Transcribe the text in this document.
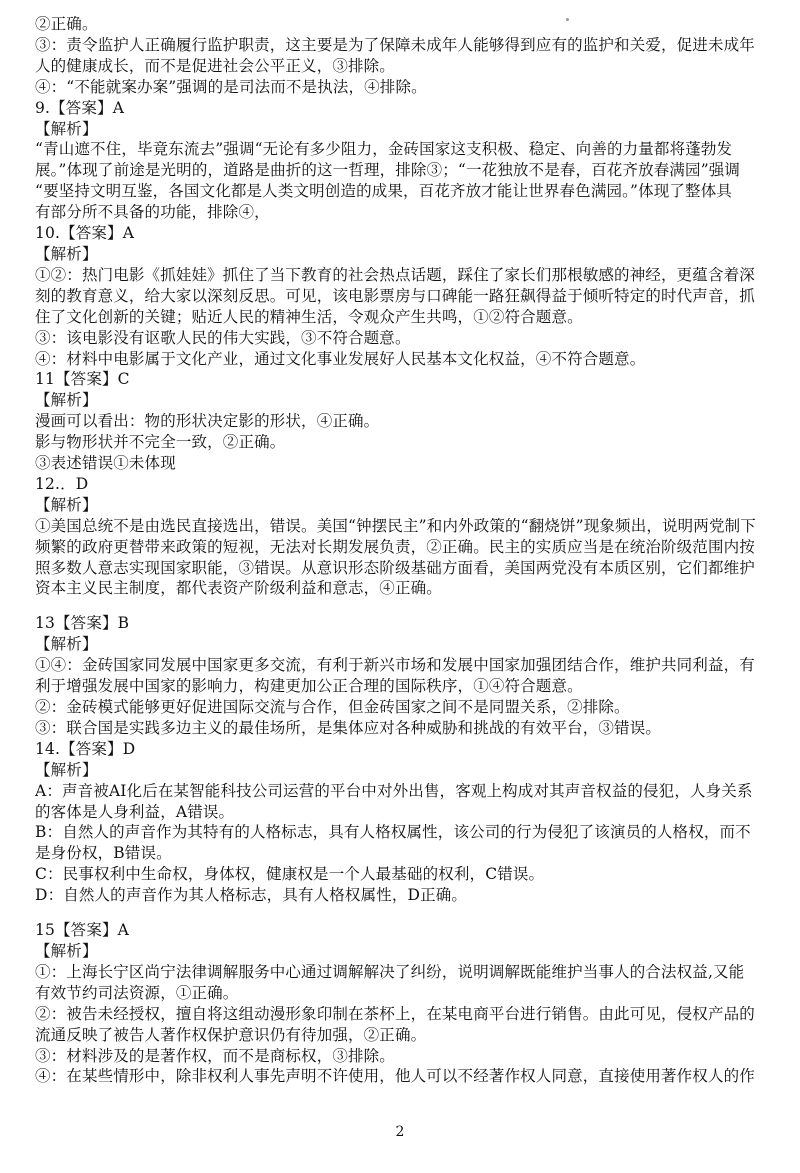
②正确。
③：责令监护人正确履行监护职责，这主要是为了保障未成年人能够得到应有的监护和关爱，促进未成年
人的健康成长，而不是促进社会公平正义，③排除。
④：“不能就案办案”强调的是司法而不是执法，④排除。
9.【答案】A
【解析】
“青山遮不住，毕竟东流去”强调“无论有多少阻力，金砖国家这支积极、稳定、向善的力量都将蓬勃发
展。”体现了前途是光明的，道路是曲折的这一哲理，排除③；“一花独放不是春，百花齐放春满园”强调
“要坚持文明互鉴，各国文化都是人类文明创造的成果，百花齐放才能让世界春色满园。”体现了整体具
有部分所不具备的功能，排除④，
10.【答案】A
【解析】
①②：热门电影《抓娃娃》抓住了当下教育的社会热点话题，踩住了家长们那根敏感的神经，更蕴含着深
刻的教育意义，给大家以深刻反思。可见，该电影票房与口碑能一路狂飙得益于倾听特定的时代声音，抓
住了文化创新的关键；贴近人民的精神生活，令观众产生共鸣，①②符合题意。
③：该电影没有讴歌人民的伟大实践，③不符合题意。
④：材料中电影属于文化产业，通过文化事业发展好人民基本文化权益，④不符合题意。
11【答案】C
【解析】
漫画可以看出：物的形状决定影的形状，④正确。
影与物形状并不完全一致，②正确。
③表述错误①未体现
12.．D
【解析】
①美国总统不是由选民直接选出，错误。美国“钟摆民主”和内外政策的“翻烧饼”现象频出，说明两党制下
频繁的政府更替带来政策的短视，无法对长期发展负责，②正确。民主的实质应当是在统治阶级范围内按
照多数人意志实现国家职能，③错误。从意识形态阶级基础方面看，美国两党没有本质区别，它们都维护
资本主义民主制度，都代表资产阶级利益和意志，④正确。
13【答案】B
【解析】
①④：金砖国家同发展中国家更多交流，有利于新兴市场和发展中国家加强团结合作，维护共同利益，有
利于增强发展中国家的影响力，构建更加公正合理的国际秩序，①④符合题意。
②：金砖模式能够更好促进国际交流与合作，但金砖国家之间不是同盟关系，②排除。
③：联合国是实践多边主义的最佳场所，是集体应对各种威胁和挑战的有效平台，③错误。
14.【答案】D
【解析】
A：声音被AI化后在某智能科技公司运营的平台中对外出售，客观上构成对其声音权益的侵犯，人身关系
的客体是人身利益，A错误。
B：自然人的声音作为其特有的人格标志，具有人格权属性，该公司的行为侵犯了该演员的人格权，而不
是身份权，B错误。
C：民事权利中生命权，身体权，健康权是一个人最基础的权利，C错误。
D：自然人的声音作为其人格标志，具有人格权属性，D正确。
15【答案】A
【解析】
①：上海长宁区尚宁法律调解服务中心通过调解解决了纠纷，说明调解既能维护当事人的合法权益,又能
有效节约司法资源，①正确。
②：被告未经授权，擅自将这组动漫形象印制在茶杯上，在某电商平台进行销售。由此可见，侵权产品的
流通反映了被告人著作权保护意识仍有待加强，②正确。
③：材料涉及的是著作权，而不是商标权，③排除。
④：在某些情形中，除非权利人事先声明不许使用，他人可以不经著作权人同意，直接使用著作权人的作
2
